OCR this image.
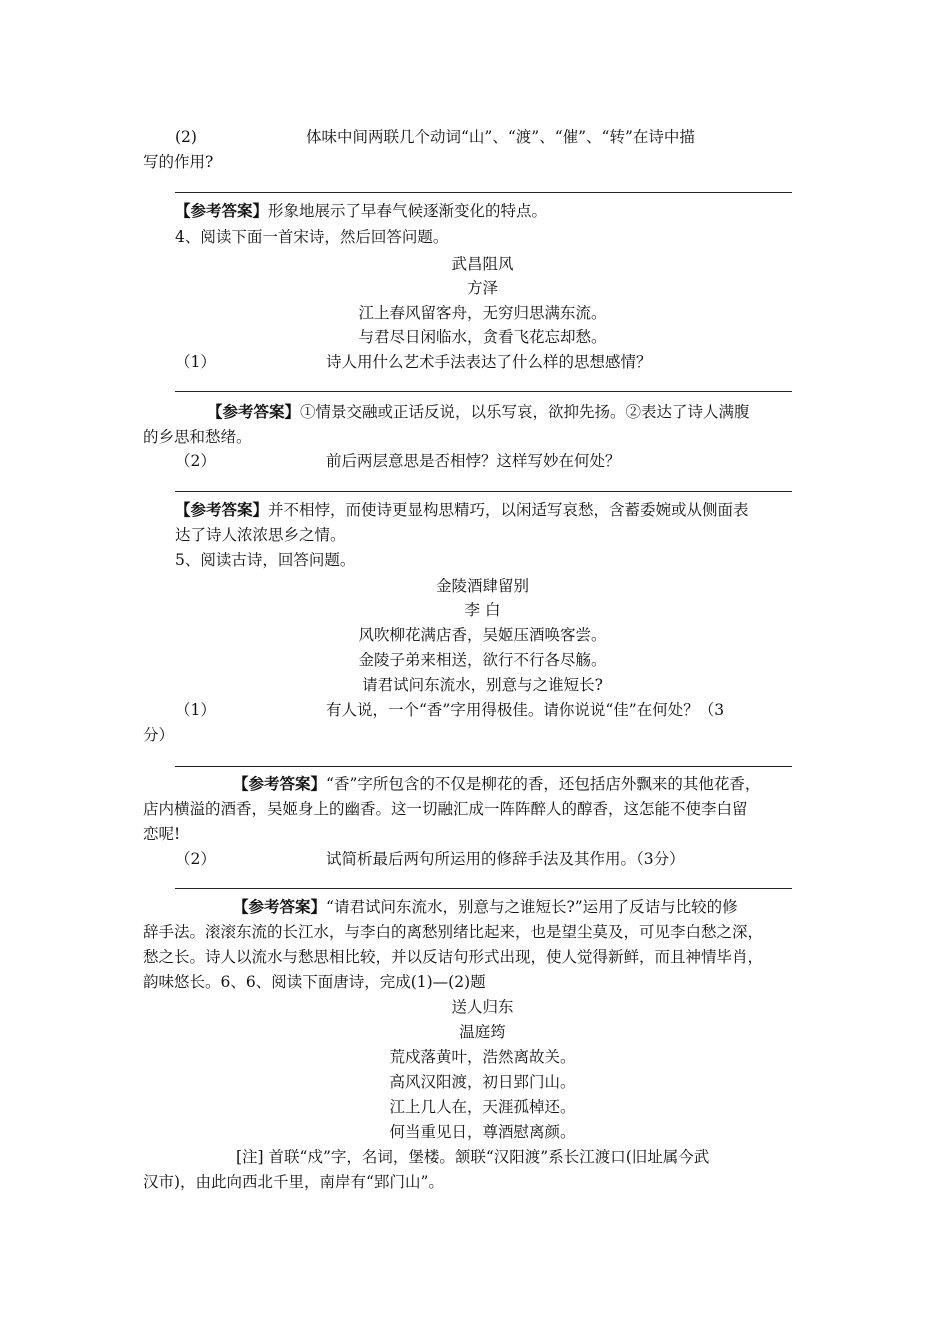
(2)	体味中间两联几个动词“山”、“渡”、“催”、“转”在诗中描
写的作用?
【参考答案】形象地展示了早春气候逐渐变化的特点。
4、阅读下面一首宋诗，然后回答问题。
武昌阻风
方泽
江上春风留客舟，无穷归思满东流。
与君尽日闲临水，贪看飞花忘却愁。
（1）	诗人用什么艺术手法表达了什么样的思想感情？
【参考答案】①情景交融或正话反说，以乐写哀，欲抑先扬。②表达了诗人满腹
的乡思和愁绪。
（2）	前后两层意思是否相悖？这样写妙在何处？
【参考答案】并不相悖，而使诗更显构思精巧，以闲适写哀愁，含蓄委婉或从侧面表
达了诗人浓浓思乡之情。
5、阅读古诗，回答问题。
金陵酒肆留别
李 白
风吹柳花满店香，吴姬压酒唤客尝。
金陵子弟来相送，欲行不行各尽觞。
请君试问东流水，别意与之谁短长?
（1）	有人说，一个“香”字用得极佳。请你说说“佳”在何处？（3
分）
【参考答案】“香”字所包含的不仅是柳花的香，还包括店外飘来的其他花香，
店内横溢的酒香，吴姬身上的幽香。这一切融汇成一阵阵醉人的醇香，这怎能不使李白留
恋呢!
（2）	试简析最后两句所运用的修辞手法及其作用。（3分）
【参考答案】“请君试问东流水，别意与之谁短长?”运用了反诘与比较的修
辞手法。滚滚东流的长江水，与李白的离愁别绪比起来，也是望尘莫及，可见李白愁之深，
愁之长。诗人以流水与愁思相比较，并以反诘句形式出现，使人觉得新鲜，而且神情毕肖，
韵味悠长。6、6、阅读下面唐诗，完成(1)—(2)题
送人归东
温庭筠
荒戍落黄叶，浩然离故关。
高风汉阳渡，初日郢门山。
江上几人在，天涯孤棹还。
何当重见日，尊酒慰离颜。
[注] 首联“戍”字，名词，堡楼。颔联“汉阳渡”系长江渡口(旧址属今武
汉市)，由此向西北千里，南岸有“郢门山”。
